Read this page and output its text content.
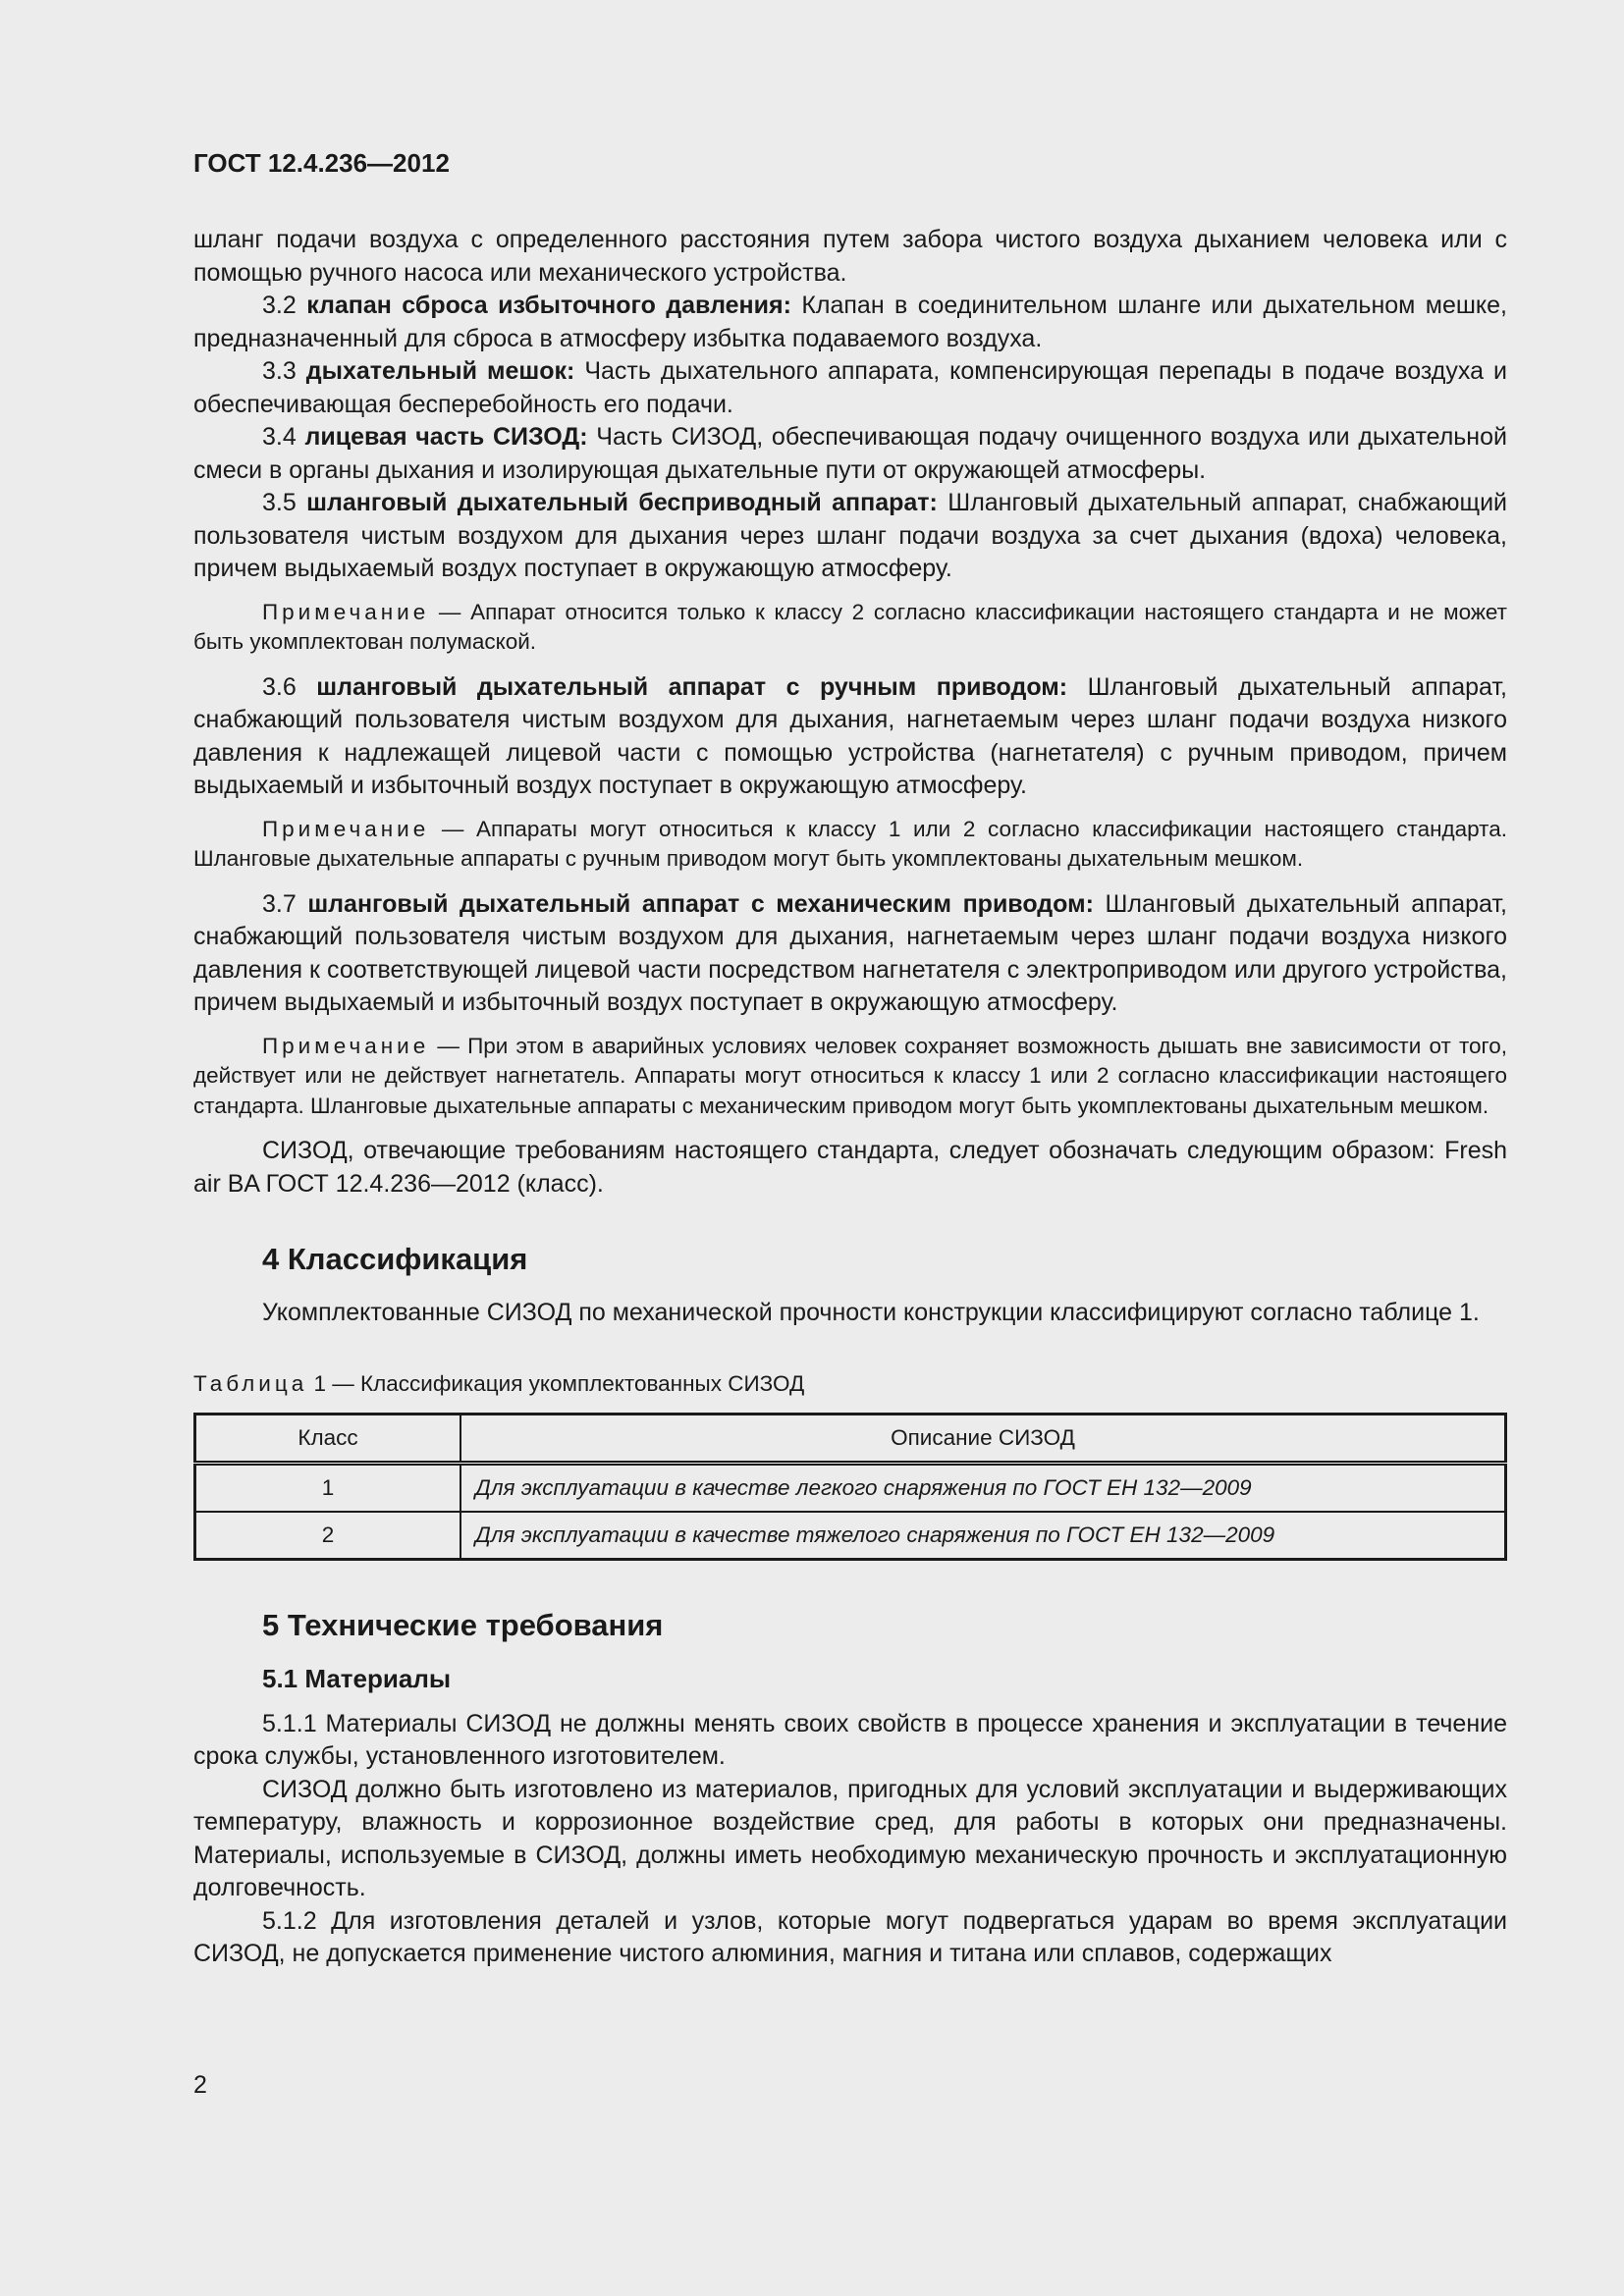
ГОСТ 12.4.236—2012

шланг подачи воздуха с определенного расстояния путем забора чистого воздуха дыханием человека или с помощью ручного насоса или механического устройства.

3.2 клапан сброса избыточного давления: Клапан в соединительном шланге или дыхательном мешке, предназначенный для сброса в атмосферу избытка подаваемого воздуха.

3.3 дыхательный мешок: Часть дыхательного аппарата, компенсирующая перепады в подаче воздуха и обеспечивающая бесперебойность его подачи.

3.4 лицевая часть СИЗОД: Часть СИЗОД, обеспечивающая подачу очищенного воздуха или дыхательной смеси в органы дыхания и изолирующая дыхательные пути от окружающей атмосферы.

3.5 шланговый дыхательный бесприводный аппарат: Шланговый дыхательный аппарат, снабжающий пользователя чистым воздухом для дыхания через шланг подачи воздуха за счет дыхания (вдоха) человека, причем выдыхаемый воздух поступает в окружающую атмосферу.

Примечание — Аппарат относится только к классу 2 согласно классификации настоящего стандарта и не может быть укомплектован полумаской.

3.6 шланговый дыхательный аппарат с ручным приводом: Шланговый дыхательный аппарат, снабжающий пользователя чистым воздухом для дыхания, нагнетаемым через шланг подачи воздуха низкого давления к надлежащей лицевой части с помощью устройства (нагнетателя) с ручным приводом, причем выдыхаемый и избыточный воздух поступает в окружающую атмосферу.

Примечание — Аппараты могут относиться к классу 1 или 2 согласно классификации настоящего стандарта. Шланговые дыхательные аппараты с ручным приводом могут быть укомплектованы дыхательным мешком.

3.7 шланговый дыхательный аппарат с механическим приводом: Шланговый дыхательный аппарат, снабжающий пользователя чистым воздухом для дыхания, нагнетаемым через шланг подачи воздуха низкого давления к соответствующей лицевой части посредством нагнетателя с электроприводом или другого устройства, причем выдыхаемый и избыточный воздух поступает в окружающую атмосферу.

Примечание — При этом в аварийных условиях человек сохраняет возможность дышать вне зависимости от того, действует или не действует нагнетатель. Аппараты могут относиться к классу 1 или 2 согласно классификации настоящего стандарта. Шланговые дыхательные аппараты с механическим приводом могут быть укомплектованы дыхательным мешком.

СИЗОД, отвечающие требованиям настоящего стандарта, следует обозначать следующим образом: Fresh air BA ГОСТ 12.4.236—2012 (класс).

4 Классификация

Укомплектованные СИЗОД по механической прочности конструкции классифицируют согласно таблице 1.

Таблица 1 — Классификация укомплектованных СИЗОД
Класс	Описание СИЗОД
1	Для эксплуатации в качестве легкого снаряжения по ГОСТ ЕН 132—2009
2	Для эксплуатации в качестве тяжелого снаряжения по ГОСТ ЕН 132—2009
5 Технические требования
5.1 Материалы

5.1.1 Материалы СИЗОД не должны менять своих свойств в процессе хранения и эксплуатации в течение срока службы, установленного изготовителем.

СИЗОД должно быть изготовлено из материалов, пригодных для условий эксплуатации и выдерживающих температуру, влажность и коррозионное воздействие сред, для работы в которых они предназначены. Материалы, используемые в СИЗОД, должны иметь необходимую механическую прочность и эксплуатационную долговечность.

5.1.2 Для изготовления деталей и узлов, которые могут подвергаться ударам во время эксплуатации СИЗОД, не допускается применение чистого алюминия, магния и титана или сплавов, содержащих

2
